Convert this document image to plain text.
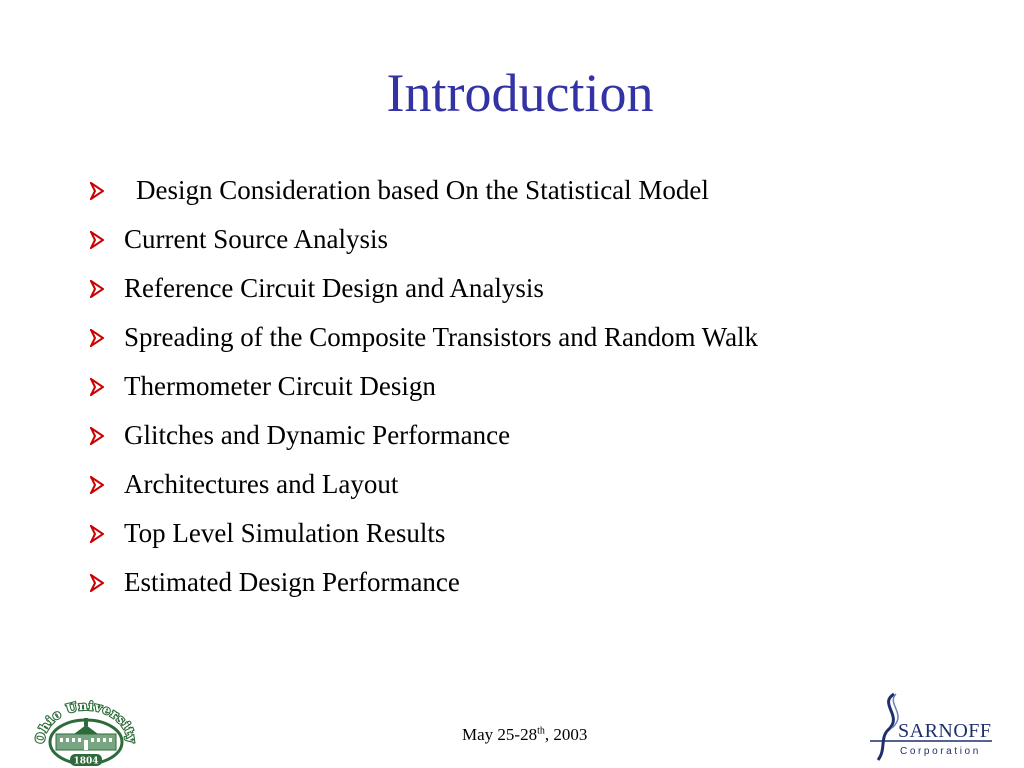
Introduction
Design Consideration based On the Statistical Model
Current Source Analysis
Reference Circuit Design and Analysis
Spreading of the Composite Transistors and Random Walk
Thermometer Circuit Design
Glitches and Dynamic Performance
Architectures and Layout
Top Level Simulation Results
Estimated Design Performance
Ohio University
1804
May 25-28th, 2003	SARNOFF
Corporation
